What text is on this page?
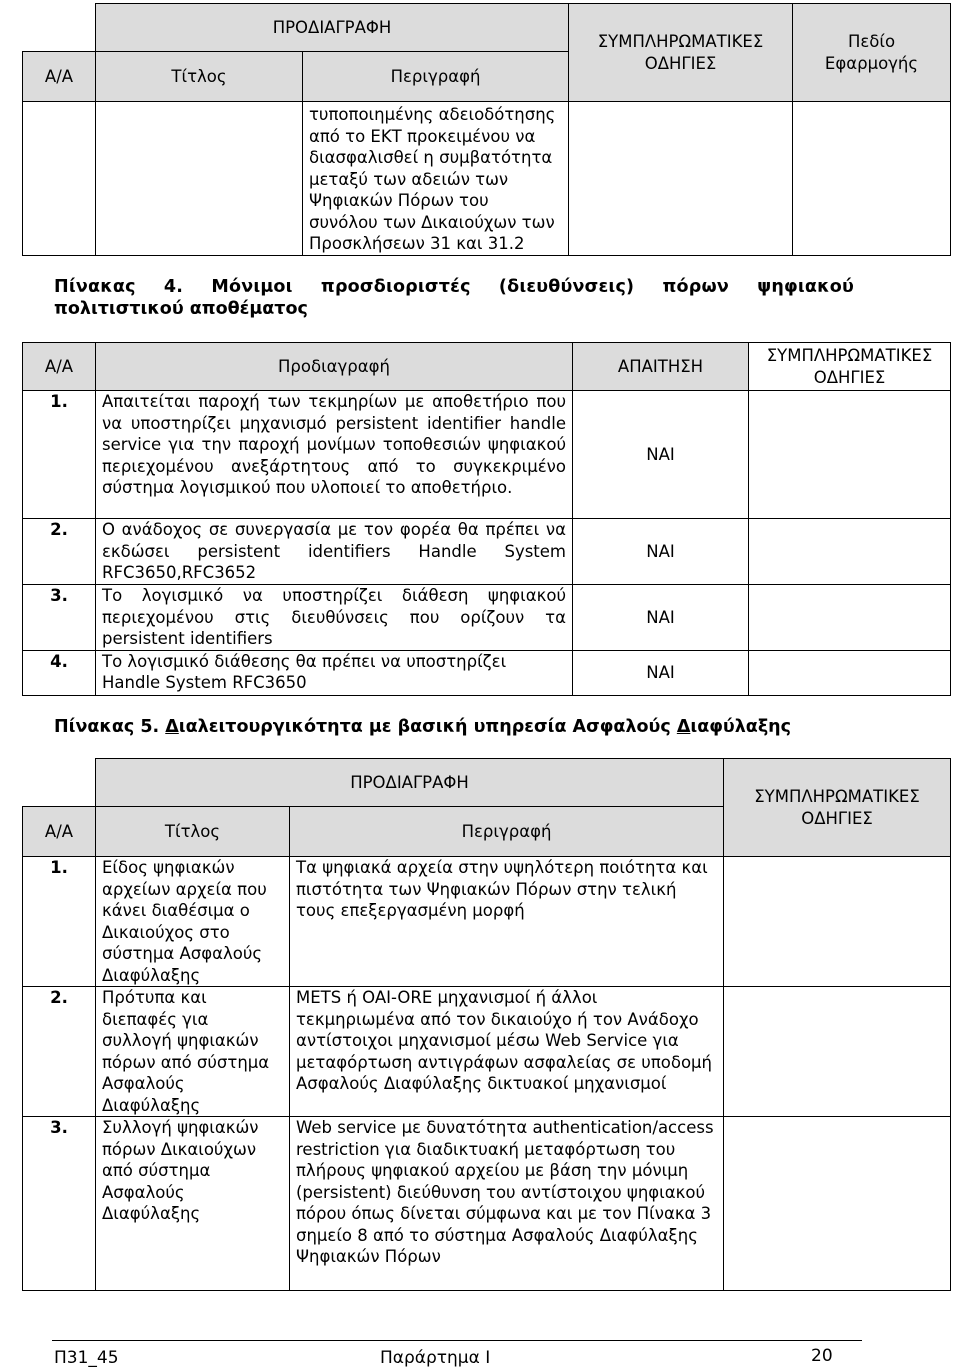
	ΠΡΟΔΙΑΓΡΑΦΗ		ΣΥΜΠΛΗΡΩΜΑΤΙΚΕΣ ΟΔΗΓΙΕΣ	Πεδίο Εφαρμογής
Α/Α	Τίτλος	Περιγραφή		
		τυποποιημένης αδειοδότησης από το ΕΚΤ προκειμένου να διασφαλισθεί η συμβατότητα μεταξύ των αδειών των Ψηφιακών Πόρων του συνόλου των Δικαιούχων των Προσκλήσεων 31 και 31.2		
Πίνακας 4. Μόνιμοι προσδιοριστές (διευθύνσεις) πόρων ψηφιακού
πολιτιστικού αποθέματος
Α/Α	Προδιαγραφή	ΑΠΑΙΤΗΣΗ	ΣΥΜΠΛΗΡΩΜΑΤΙΚΕΣ ΟΔΗΓΙΕΣ
1.	Απαιτείται παροχή των τεκμηρίων με αποθετήριο που να υποστηρίζει μηχανισμό persistent identifier handle service για την παροχή μονίμων τοποθεσιών ψηφιακού περιεχομένου ανεξάρτητους από το συγκεκριμένο σύστημα λογισμικού που υλοποιεί το αποθετήριο.	ΝΑΙ	
2.	Ο ανάδοχος σε συνεργασία με τον φορέα θα πρέπει να εκδώσει persistent identifiers Handle System RFC3650,RFC3652	ΝΑΙ	
3.	Το λογισμικό να υποστηρίζει διάθεση ψηφιακού περιεχομένου στις διευθύνσεις που ορίζουν τα persistent identifiers	ΝΑΙ	
4.	Το λογισμικό διάθεσης θα πρέπει να υποστηρίζει Handle System RFC3650	ΝΑΙ	
Πίνακας 5. Διαλειτουργικότητα με βασική υπηρεσία Ασφαλούς Διαφύλαξης
	ΠΡΟΔΙΑΓΡΑΦΗ		ΣΥΜΠΛΗΡΩΜΑΤΙΚΕΣ ΟΔΗΓΙΕΣ
Α/Α	Τίτλος	Περιγραφή	
1.	Είδος ψηφιακών αρχείων αρχεία που κάνει διαθέσιμα ο Δικαιούχος στο σύστημα Ασφαλούς Διαφύλαξης	Τα ψηφιακά αρχεία στην υψηλότερη ποιότητα και πιστότητα των Ψηφιακών Πόρων στην τελική τους επεξεργασμένη μορφή	
2.	Πρότυπα και διεπαφές για συλλογή ψηφιακών πόρων από σύστημα Ασφαλούς Διαφύλαξης	METS ή OAI-ORE μηχανισμοί ή άλλοι τεκμηριωμένα από τον δικαιούχο ή τον Ανάδοχο αντίστοιχοι μηχανισμοί μέσω Web Service για μεταφόρτωση αντιγράφων ασφαλείας σε υποδομή Ασφαλούς Διαφύλαξης δικτυακοί μηχανισμοί	
3.	Συλλογή ψηφιακών πόρων Δικαιούχων από σύστημα Ασφαλούς Διαφύλαξης	Web service με δυνατότητα authentication/access restriction για διαδικτυακή μεταφόρτωση του πλήρους ψηφιακού αρχείου με βάση την μόνιμη (persistent) διεύθυνση του αντίστοιχου ψηφιακού πόρου όπως δίνεται σύμφωνα και με τον Πίνακα 3 σημείο 8 από το σύστημα Ασφαλούς Διαφύλαξης Ψηφιακών Πόρων	
Π31_45	Παράρτημα Ι	20
